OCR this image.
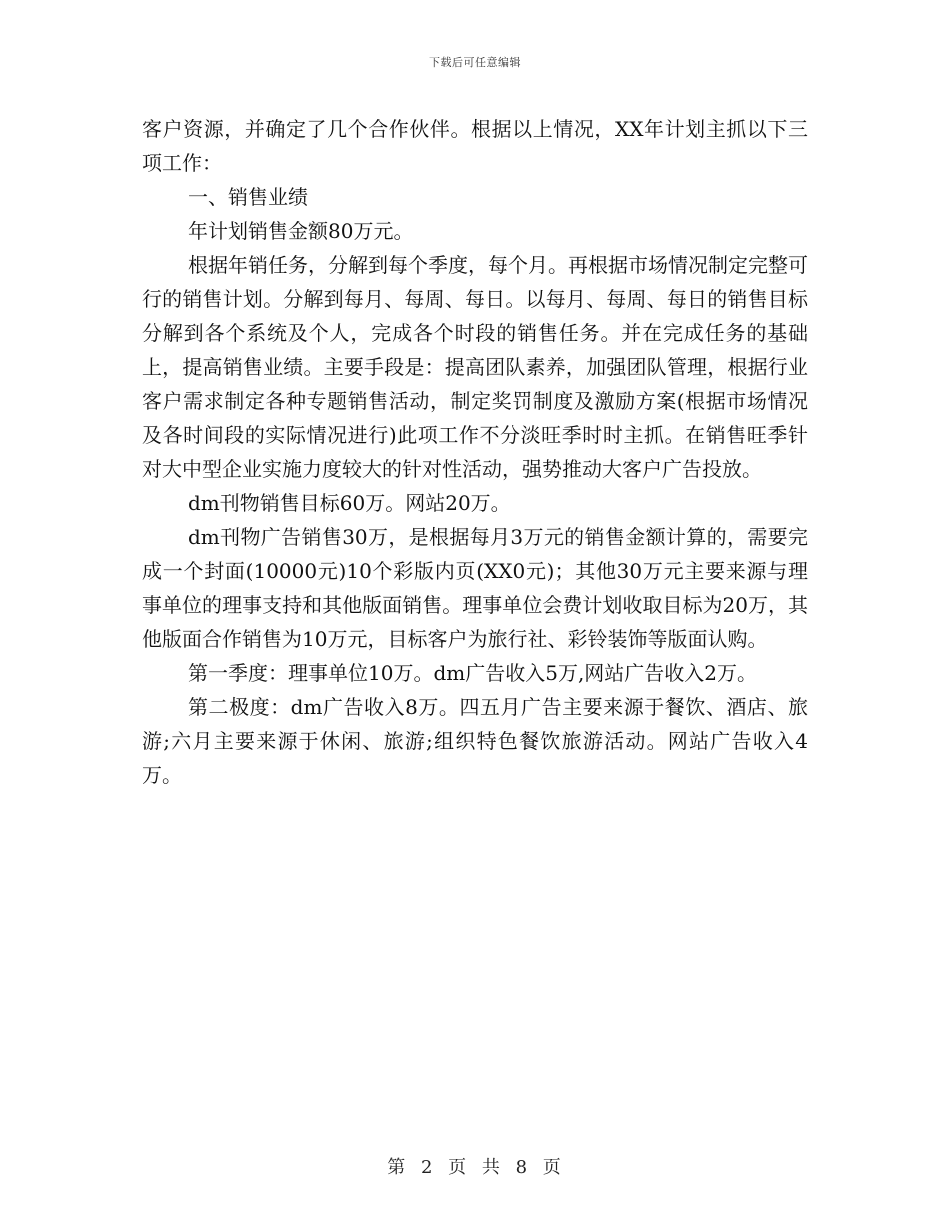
下载后可任意编辑

客户资源，并确定了几个合作伙伴。根据以上情况，XX年计划主抓以下三项工作：

一、销售业绩

年计划销售金额80万元。

根据年销任务，分解到每个季度，每个月。再根据市场情况制定完整可行的销售计划。分解到每月、每周、每日。以每月、每周、每日的销售目标分解到各个系统及个人，完成各个时段的销售任务。并在完成任务的基础上，提高销售业绩。主要手段是：提高团队素养，加强团队管理，根据行业客户需求制定各种专题销售活动，制定奖罚制度及激励方案(根据市场情况及各时间段的实际情况进行)此项工作不分淡旺季时时主抓。在销售旺季针对大中型企业实施力度较大的针对性活动，强势推动大客户广告投放。

dm刊物销售目标60万。网站20万。

dm刊物广告销售30万，是根据每月3万元的销售金额计算的，需要完成一个封面(10000元)10个彩版内页(XX0元)；其他30万元主要来源与理事单位的理事支持和其他版面销售。理事单位会费计划收取目标为20万，其他版面合作销售为10万元，目标客户为旅行社、彩铃装饰等版面认购。

第一季度：理事单位10万。dm广告收入5万,网站广告收入2万。

第二极度：dm广告收入8万。四五月广告主要来源于餐饮、酒店、旅游;六月主要来源于休闲、旅游;组织特色餐饮旅游活动。网站广告收入4万。

第 2 页 共 8 页
